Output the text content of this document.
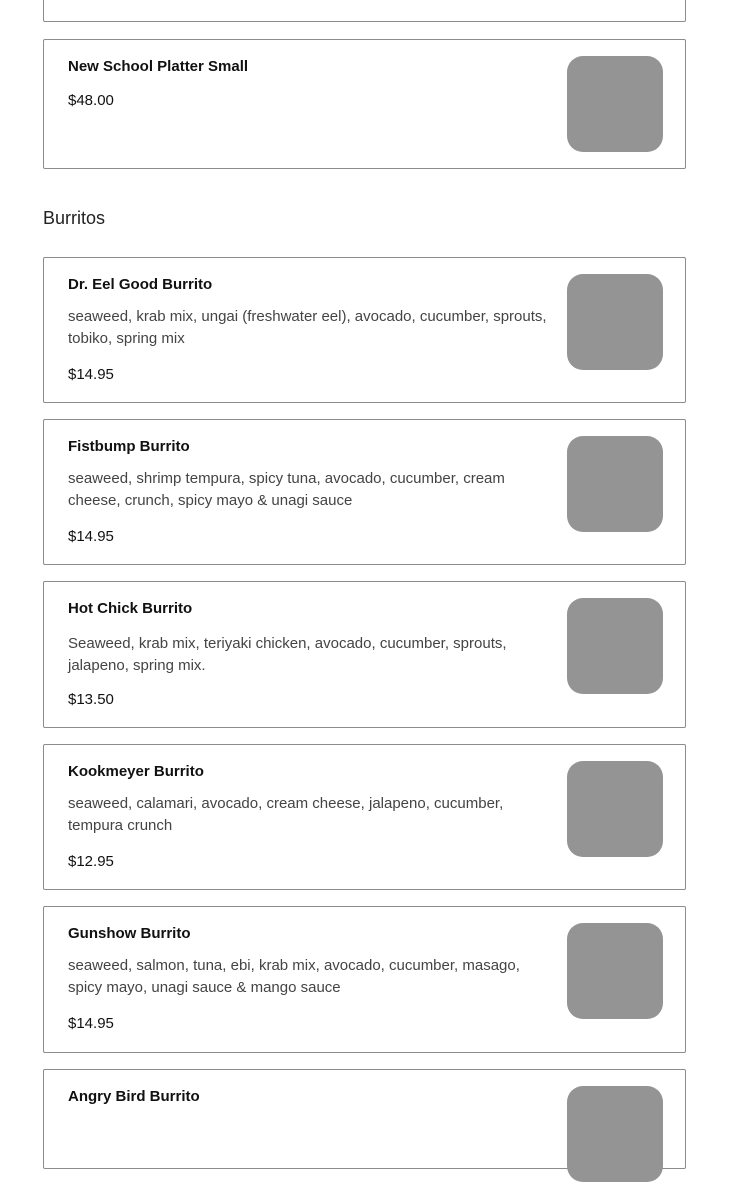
New School Platter Small
$48.00
Burritos
Dr. Eel Good Burrito
seaweed, krab mix, ungai (freshwater eel), avocado, cucumber, sprouts, tobiko, spring mix
$14.95
Fistbump Burrito
seaweed, shrimp tempura, spicy tuna, avocado, cucumber, cream cheese, crunch, spicy mayo & unagi sauce
$14.95
Hot Chick Burrito
Seaweed, krab mix, teriyaki chicken, avocado, cucumber, sprouts, jalapeno, spring mix.
$13.50
Kookmeyer Burrito
seaweed, calamari, avocado, cream cheese, jalapeno, cucumber, tempura crunch
$12.95
Gunshow Burrito
seaweed, salmon, tuna, ebi, krab mix, avocado, cucumber, masago, spicy mayo, unagi sauce & mango sauce
$14.95
Angry Bird Burrito
